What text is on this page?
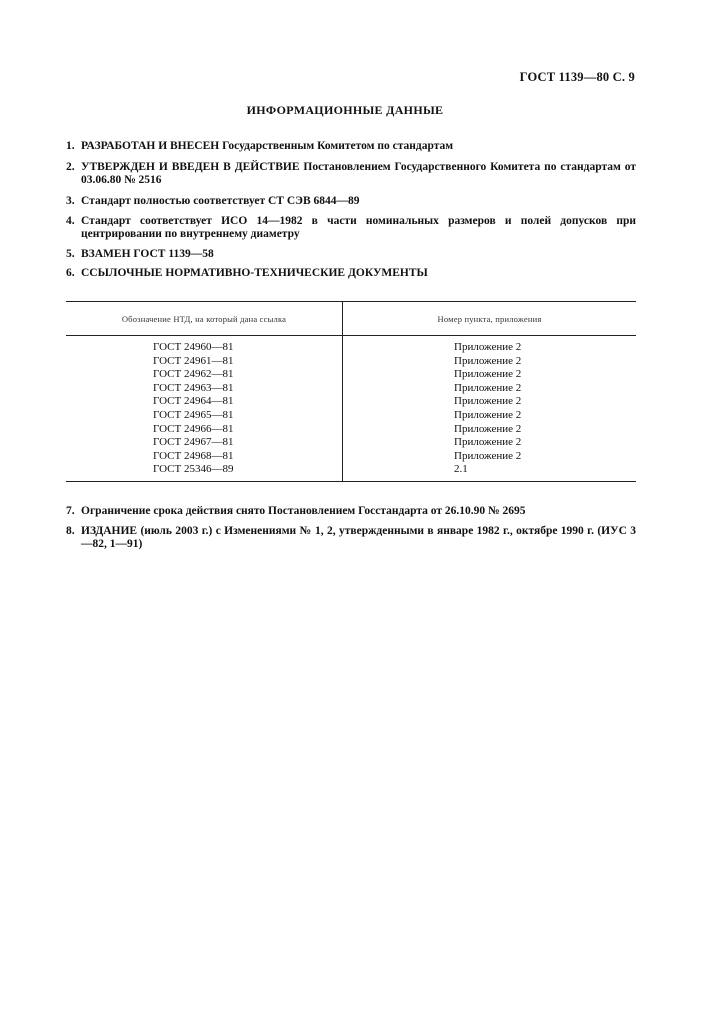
ГОСТ 1139—80 С. 9
ИНФОРМАЦИОННЫЕ ДАННЫЕ
1. РАЗРАБОТАН И ВНЕСЕН Государственным Комитетом по стандартам
2. УТВЕРЖДЕН И ВВЕДЕН В ДЕЙСТВИЕ Постановлением Государственного Комитета по стандартам от 03.06.80 № 2516
3. Стандарт полностью соответствует СТ СЭВ 6844—89
4. Стандарт соответствует ИСО 14—1982 в части номинальных размеров и полей допусков при центрировании по внутреннему диаметру
5. ВЗАМЕН ГОСТ 1139—58
6. ССЫЛОЧНЫЕ НОРМАТИВНО-ТЕХНИЧЕСКИЕ ДОКУМЕНТЫ
Обозначение НТД, на который дана ссылка	Номер пункта, приложения
ГОСТ 24960—81
ГОСТ 24961—81
ГОСТ 24962—81
ГОСТ 24963—81
ГОСТ 24964—81
ГОСТ 24965—81
ГОСТ 24966—81
ГОСТ 24967—81
ГОСТ 24968—81
ГОСТ 25346—89
Приложение 2
Приложение 2
Приложение 2
Приложение 2
Приложение 2
Приложение 2
Приложение 2
Приложение 2
Приложение 2
2.1
7. Ограничение срока действия снято Постановлением Госстандарта от 26.10.90 № 2695
8. ИЗДАНИЕ (июль 2003 г.) с Изменениями № 1, 2, утвержденными в январе 1982 г., октябре 1990 г. (ИУС 3—82, 1—91)
